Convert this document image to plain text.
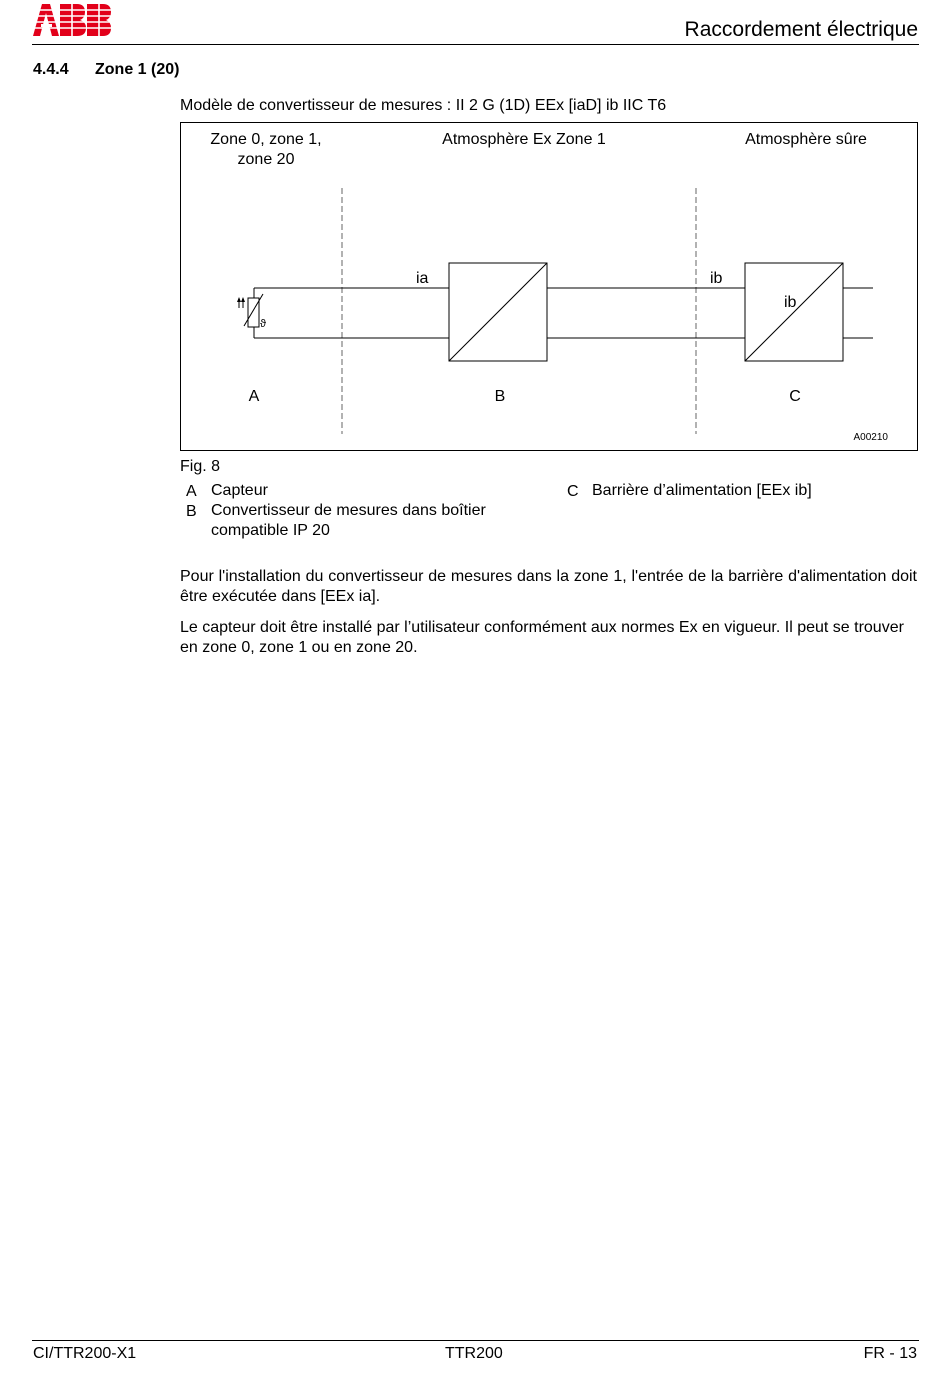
Raccordement électrique
4.4.4 Zone 1 (20)
Modèle de convertisseur de mesures : II 2 G (1D) EEx [iaD] ib IIC T6
Zone 0, zone 1,
zone 20
Atmosphère Ex Zone 1	Atmosphère sûre
ϑ
ia	ib
ib
A	B	C
A00210
Fig. 8
A Capteur
B Convertisseur de mesures dans boîtier
compatible IP 20
C Barrière d’alimentation [EEx ib]
Pour l'installation du convertisseur de mesures dans la zone 1, l'entrée de la barrière d'alimentation doit être exécutée dans [EEx ia].
Le capteur doit être installé par l’utilisateur conformément aux normes Ex en vigueur. Il peut se trouver en zone 0, zone 1 ou en zone 20.
CI/TTR200-X1	TTR200	FR - 13
